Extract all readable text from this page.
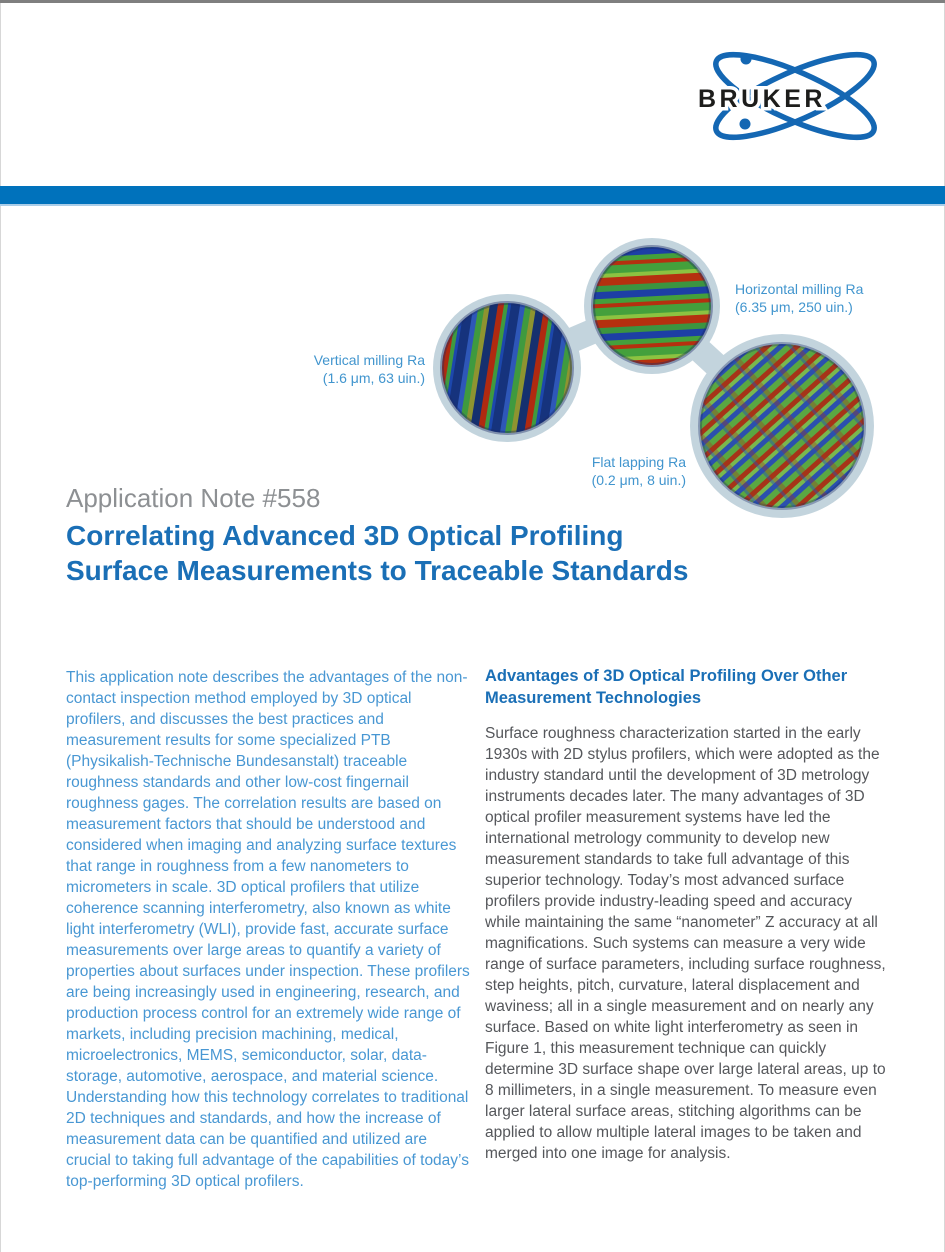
BRUKER
Vertical milling Ra
(1.6 μm, 63 uin.)
Horizontal milling Ra
(6.35 μm, 250 uin.)
Flat lapping Ra
(0.2 μm, 8 uin.)
Application Note #558
Correlating Advanced 3D Optical Profiling
Surface Measurements to Traceable Standards

This application note describes the advantages of the non-contact inspection method employed by 3D optical profilers, and discusses the best practices and measurement results for some specialized PTB (Physikalish-Technische Bundesanstalt) traceable roughness standards and other low-cost fingernail roughness gages. The correlation results are based on measurement factors that should be understood and considered when imaging and analyzing surface textures that range in roughness from a few nanometers to micrometers in scale. 3D optical profilers that utilize coherence scanning interferometry, also known as white light interferometry (WLI), provide fast, accurate surface measurements over large areas to quantify a variety of properties about surfaces under inspection. These profilers are being increasingly used in engineering, research, and production process control for an extremely wide range of markets, including precision machining, medical, microelectronics, MEMS, semiconductor, solar, data-storage, automotive, aerospace, and material science. Understanding how this technology correlates to traditional 2D techniques and standards, and how the increase of measurement data can be quantified and utilized are crucial to taking full advantage of the capabilities of today’s top-performing 3D optical profilers.

Advantages of 3D Optical Profiling Over Other
Measurement Technologies

Surface roughness characterization started in the early 1930s with 2D stylus profilers, which were adopted as the industry standard until the development of 3D metrology instruments decades later. The many advantages of 3D optical profiler measurement systems have led the international metrology community to develop new measurement standards to take full advantage of this superior technology. Today’s most advanced surface profilers provide industry-leading speed and accuracy while maintaining the same “nanometer” Z accuracy at all magnifications. Such systems can measure a very wide range of surface parameters, including surface roughness, step heights, pitch, curvature, lateral displacement and waviness; all in a single measurement and on nearly any surface. Based on white light interferometry as seen in Figure 1, this measurement technique can quickly determine 3D surface shape over large lateral areas, up to 8 millimeters, in a single measurement. To measure even larger lateral surface areas, stitching algorithms can be applied to allow multiple lateral images to be taken and merged into one image for analysis.
